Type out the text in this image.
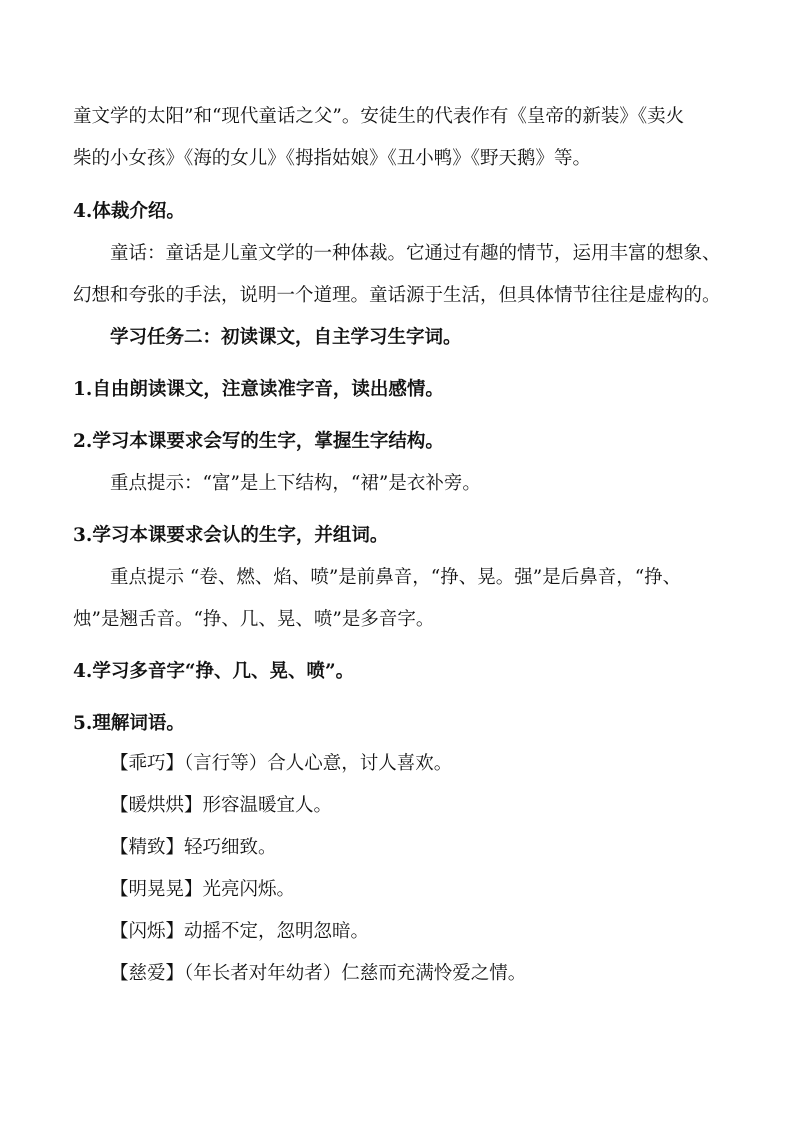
童文学的太阳”和“现代童话之父”。安徒生的代表作有《皇帝的新装》《卖火
柴的小女孩》《海的女儿》《拇指姑娘》《丑小鸭》《野天鹅》等。
4.体裁介绍。
童话：童话是儿童文学的一种体裁。它通过有趣的情节，运用丰富的想象、
幻想和夸张的手法，说明一个道理。童话源于生活，但具体情节往往是虚构的。
学习任务二：初读课文，自主学习生字词。
1.自由朗读课文，注意读准字音，读出感情。
2.学习本课要求会写的生字，掌握生字结构。
重点提示：“富”是上下结构，“裙”是衣补旁。
3.学习本课要求会认的生字，并组词。
重点提示 “卷、燃、焰、喷”是前鼻音，“挣、晃。强”是后鼻音，“挣、
烛”是翘舌音。“挣、几、晃、喷”是多音字。
4.学习多音字“挣、几、晃、喷”。
5.理解词语。
【乖巧】（言行等）合人心意，讨人喜欢。
【暖烘烘】形容温暖宜人。
【精致】轻巧细致。
【明晃晃】光亮闪烁。
【闪烁】动摇不定，忽明忽暗。
【慈爱】（年长者对年幼者）仁慈而充满怜爱之情。
